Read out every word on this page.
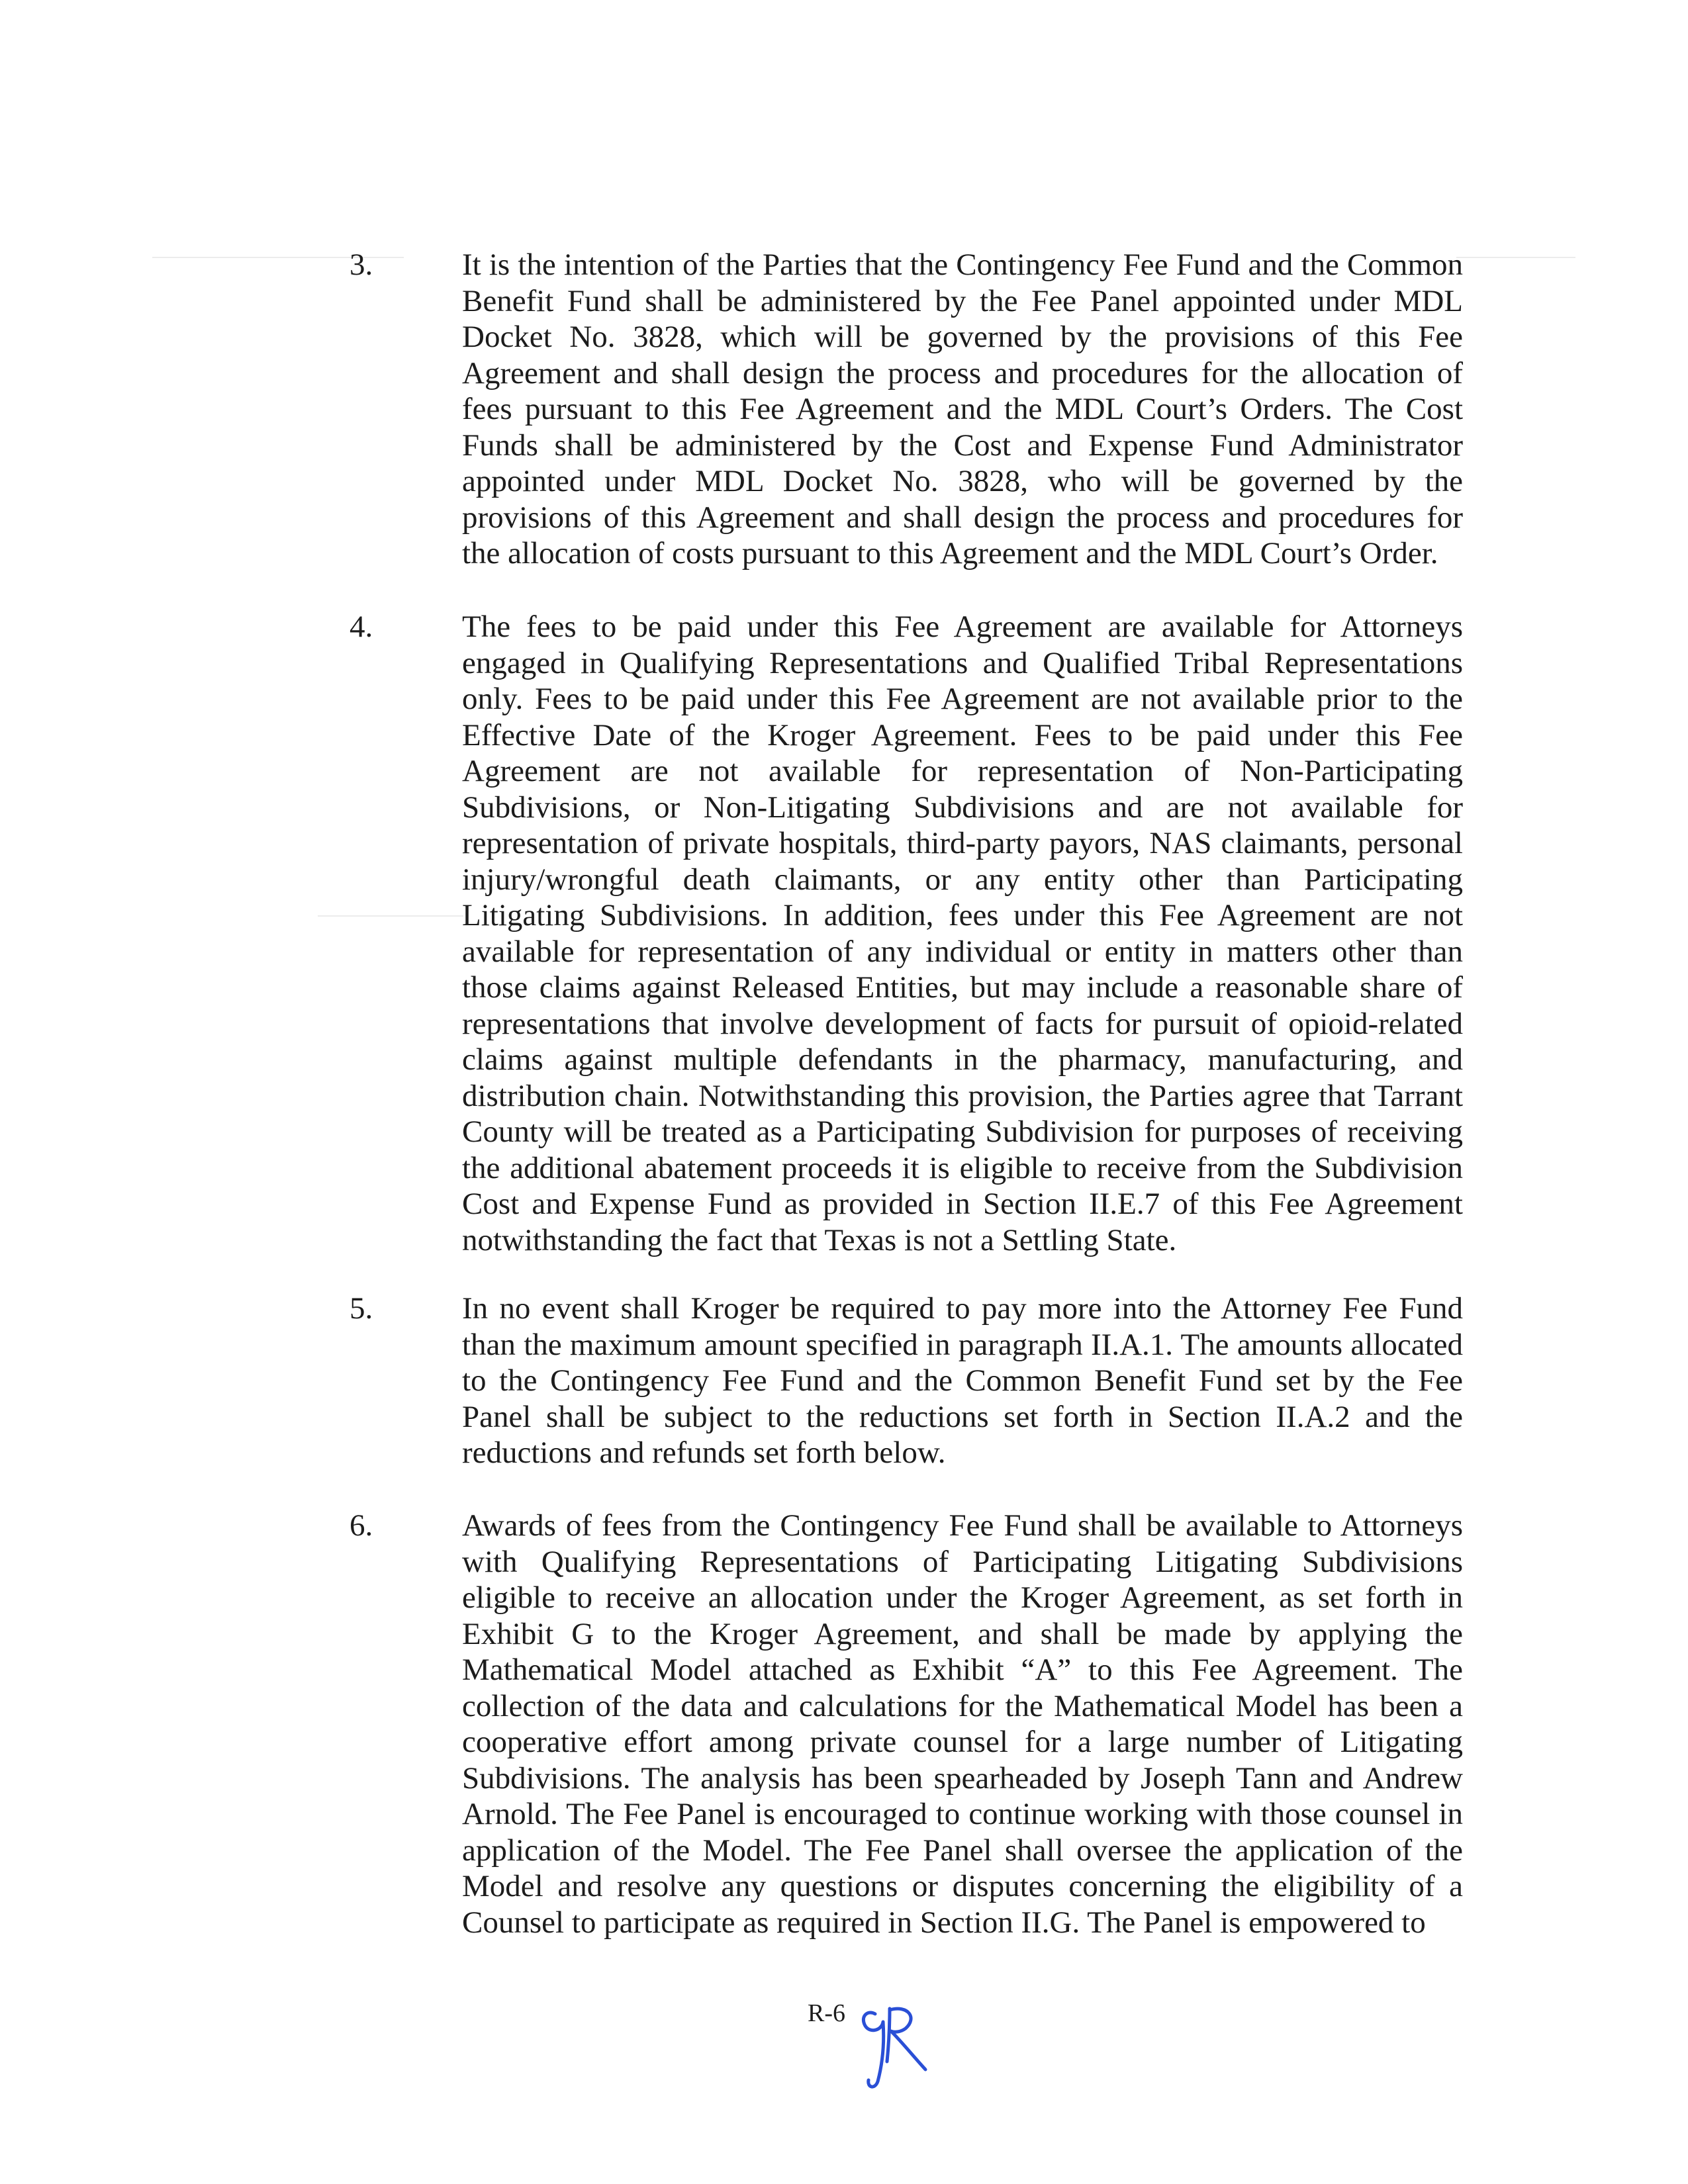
3.	It is the intention of the Parties that the Contingency Fee Fund and the Common Benefit Fund shall be administered by the Fee Panel appointed under MDL Docket No. 3828, which will be governed by the provisions of this Fee Agreement and shall design the process and procedures for the allocation of fees pursuant to this Fee Agreement and the MDL Court’s Orders. The Cost Funds shall be administered by the Cost and Expense Fund Administrator appointed under MDL Docket No. 3828, who will be governed by the provisions of this Agreement and shall design the process and procedures for the allocation of costs pursuant to this Agreement and the MDL Court’s Order.
4.	The fees to be paid under this Fee Agreement are available for Attorneys engaged in Qualifying Representations and Qualified Tribal Representations only. Fees to be paid under this Fee Agreement are not available prior to the Effective Date of the Kroger Agreement. Fees to be paid under this Fee Agreement are not available for representation of Non-Participating Subdivisions, or Non-Litigating Subdivisions and are not available for representation of private hospitals, third-party payors, NAS claimants, personal injury/wrongful death claimants, or any entity other than Participating Litigating Subdivisions. In addition, fees under this Fee Agreement are not available for representation of any individual or entity in matters other than those claims against Released Entities, but may include a reasonable share of representations that involve development of facts for pursuit of opioid-related claims against multiple defendants in the pharmacy, manufacturing, and distribution chain. Notwithstanding this provision, the Parties agree that Tarrant County will be treated as a Participating Subdivision for purposes of receiving the additional abatement proceeds it is eligible to receive from the Subdivision Cost and Expense Fund as provided in Section II.E.7 of this Fee Agreement notwithstanding the fact that Texas is not a Settling State.
5.	In no event shall Kroger be required to pay more into the Attorney Fee Fund than the maximum amount specified in paragraph II.A.1. The amounts allocated to the Contingency Fee Fund and the Common Benefit Fund set by the Fee Panel shall be subject to the reductions set forth in Section II.A.2 and the reductions and refunds set forth below.
6.	Awards of fees from the Contingency Fee Fund shall be available to Attorneys with Qualifying Representations of Participating Litigating Subdivisions eligible to receive an allocation under the Kroger Agreement, as set forth in Exhibit G to the Kroger Agreement, and shall be made by applying the Mathematical Model attached as Exhibit “A” to this Fee Agreement. The collection of the data and calculations for the Mathematical Model has been a cooperative effort among private counsel for a large number of Litigating Subdivisions. The analysis has been spearheaded by Joseph Tann and Andrew Arnold. The Fee Panel is encouraged to continue working with those counsel in application of the Model. The Fee Panel shall oversee the application of the Model and resolve any questions or disputes concerning the eligibility of a Counsel to participate as required in Section II.G. The Panel is empowered to
R-6
